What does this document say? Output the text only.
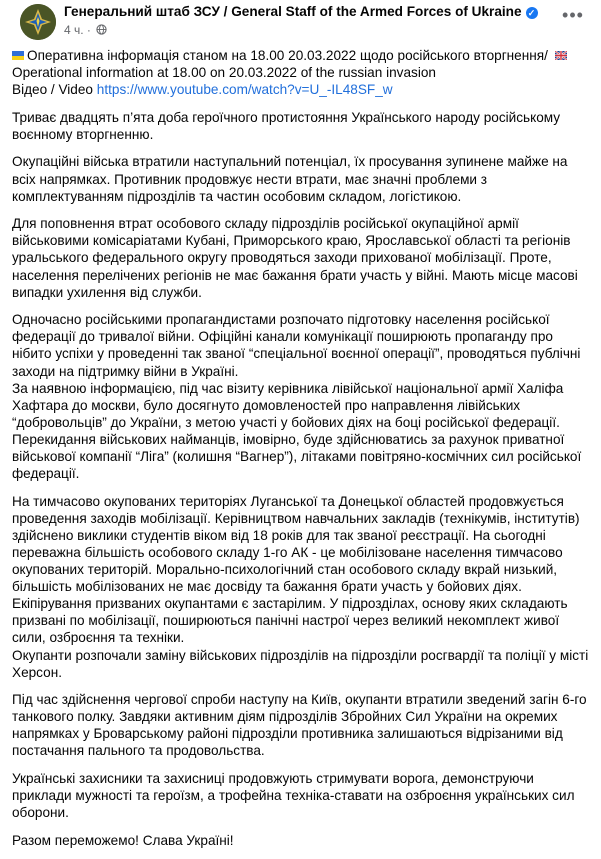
Генеральний штаб ЗСУ / General Staff of the Armed Forces of Ukraine ✓
4 ч. ·
•••

Оперативна інформація станом на 18.00 20.03.2022 щодо російського вторгнення/

Operational information at 18.00 on 20.03.2022 of the russian invasion

Відео / Video https://www.youtube.com/watch?v=U_-IL48SF_w

Триває двадцять п’ята доба героїчного протистояння Українського народу російському воєнному вторгненню.

Окупаційні війська втратили наступальний потенціал, їх просування зупинене майже на всіх напрямках. Противник продовжує нести втрати, має значні проблеми з комплектуванням підрозділів та частин особовим складом, логістикою.

Для поповнення втрат особового складу підрозділів російської окупаційної армії військовими комісаріатами Кубані, Приморського краю, Ярославської області та регіонів уральського федерального округу проводяться заходи прихованої мобілізації. Проте, населення перелічених регіонів не має бажання брати участь у війні. Мають місце масові випадки ухилення від служби.

Одночасно російськими пропагандистами розпочато підготовку населення російської федерації до тривалої війни. Офіційні канали комунікації поширюють пропаганду про нібито успіхи у проведенні так званої “спеціальної воєнної операції”, проводяться публічні заходи на підтримку війни в Україні.

За наявною інформацією, під час візиту керівника лівійської національної армії Халіфа Хафтара до москви, було досягнуто домовленостей про направлення лівійських “добровольців” до України, з метою участі у бойових діях на боці російської федерації. Перекидання військових найманців, імовірно, буде здійснюватись за рахунок приватної військової компанії “Ліга” (колишня “Вагнер”), літаками повітряно-космічних сил російської федерації.

На тимчасово окупованих територіях Луганської та Донецької областей продовжується проведення заходів мобілізації. Керівництвом навчальних закладів (технікумів, інститутів) здійснено виклики студентів віком від 18 років для так званої реєстрації. На сьогодні переважна більшість особового складу 1-го АК - це мобілізоване населення тимчасово окупованих територій. Морально-психологічний стан особового складу вкрай низький, більшість мобілізованих не має досвіду та бажання брати участь у бойових діях. Екіпірування призваних окупантами є застарілим. У підрозділах, основу яких складають призвані по мобілізації, поширюються панічні настрої через великий некомплект живої сили, озброєння та техніки.

Окупанти розпочали заміну військових підрозділів на підрозділи росгвардії та поліції у місті Херсон.

Під час здійснення чергової спроби наступу на Київ, окупанти втратили зведений загін 6-го танкового полку. Завдяки активним діям підрозділів Збройних Сил України на окремих напрямках у Броварському районі підрозділи противника залишаються відрізаними від постачання пального та продовольства.

Українські захисники та захисниці продовжують стримувати ворога, демонструючи приклади мужності та героїзм, а трофейна техніка-ставати на озброєння українських сил оборони.

Разом переможемо! Слава Україні!
